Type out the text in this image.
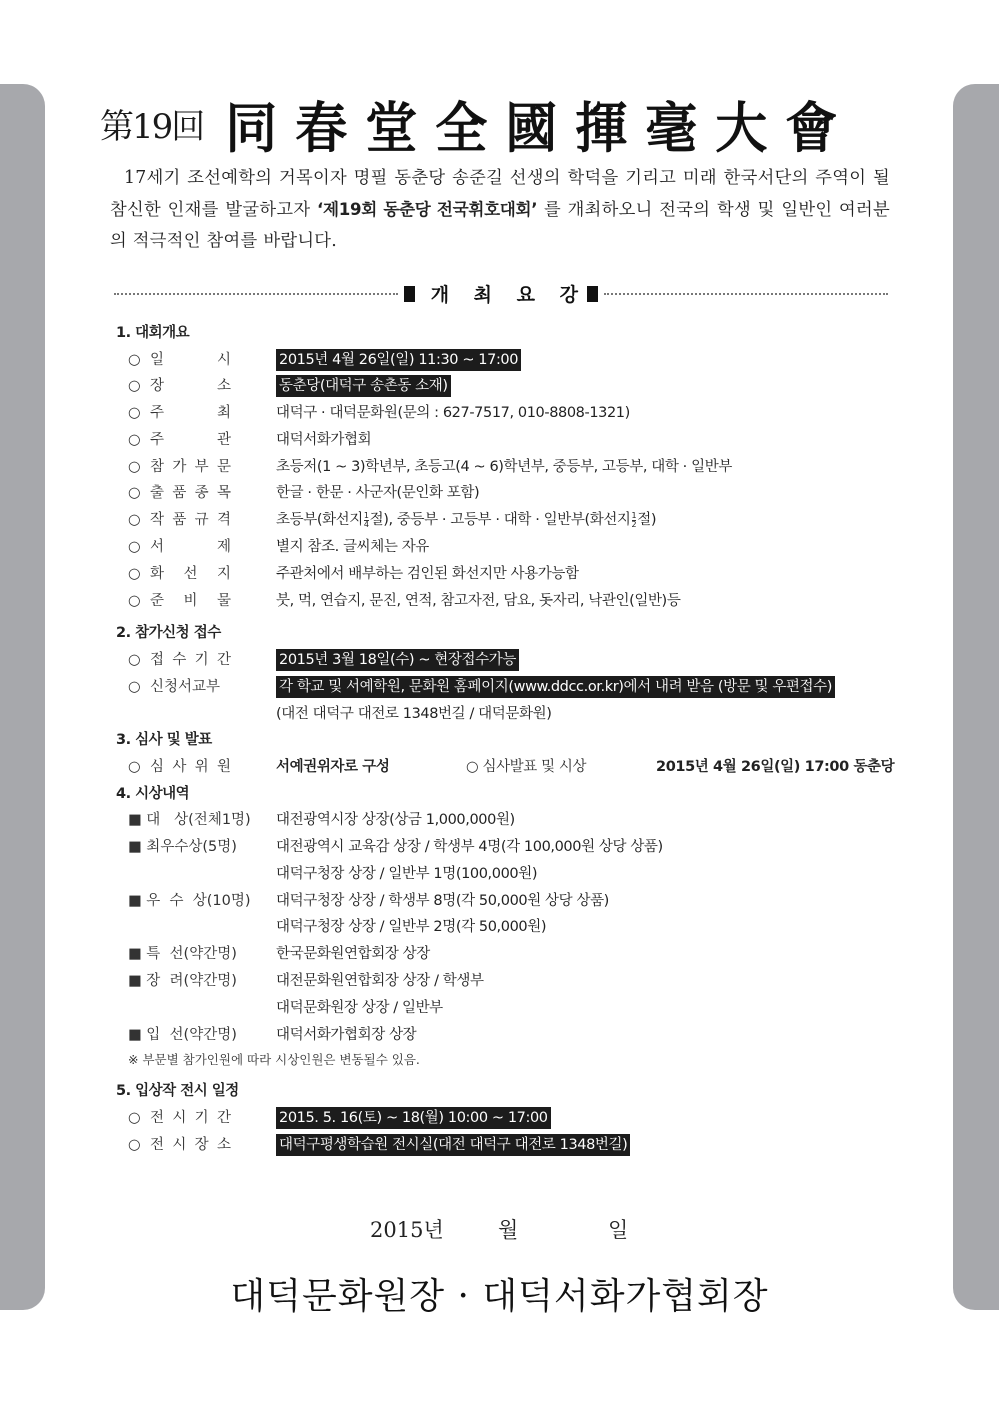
第19回 同春堂全國揮毫大會
17세기 조선예학의 거목이자 명필 동춘당 송준길 선생의 학덕을 기리고 미래 한국서단의 주역이 될 참신한 인재를 발굴하고자 ‘제19회 동춘당 전국휘호대회’ 를 개최하오니 전국의 학생 및 일반인 여러분의 적극적인 참여를 바랍니다.
개 최 요 강
1. 대회개요
○ 일	시	2015년 4월 26일(일) 11:30 ~ 17:00
○ 장	소	동춘당(대덕구 송촌동 소재)
○ 주	최	대덕구 · 대덕문화원(문의 : 627-7517, 010-8808-1321)
○ 주	관	대덕서화가협회
○ 참 가 부 문	초등저(1 ~ 3)학년부, 초등고(4 ~ 6)학년부, 중등부, 고등부, 대학 · 일반부
○ 출 품 종 목	한글 · 한문 · 사군자(문인화 포함)
○ 작 품 규 격	초등부(화선지 $\frac{1}{4}$ 절), 중등부 · 고등부 · 대학 · 일반부(화선지 $\frac{1}{2}$ 절)
○ 서	제	별지 참조. 글씨체는 자유
○ 화 선 지	주관처에서 배부하는 검인된 화선지만 사용가능함
○ 준 비 물	붓, 먹, 연습지, 문진, 연적, 참고자전, 담요, 돗자리, 낙관인(일반)등
2. 참가신청 접수
○ 접 수 기 간	2015년 3월 18일(수) ~ 현장접수가능
○ 신청서교부	각 학교 및 서예학원, 문화원 홈페이지(www.ddcc.or.kr)에서 내려 받음 (방문 및 우편접수)
(대전 대덕구 대전로 1348번길 / 대덕문화원)
3. 심사 및 발표
○ 심 사 위 원	서예권위자로 구성	○ 심사발표 및 시상	2015년 4월 26일(일) 17:00 동춘당
4. 시상내역
■ 대   상(전체1명)	대전광역시장 상장(상금 1,000,000원)
■ 최우수상(5명)	대전광역시 교육감 상장 / 학생부 4명(각 100,000원 상당 상품)
대덕구청장 상장 / 일반부 1명(100,000원)
■ 우  수  상(10명)	대덕구청장 상장 / 학생부 8명(각 50,000원 상당 상품)
대덕구청장 상장 / 일반부 2명(각 50,000원)
■ 특  선(약간명)	한국문화원연합회장 상장
■ 장  려(약간명)	대전문화원연합회장 상장 / 학생부
대덕문화원장 상장 / 일반부
■ 입  선(약간명)	대덕서화가협회장 상장
※ 부문별 참가인원에 따라 시상인원은 변동될수 있음.
5. 입상작 전시 일정
○ 전 시 기 간	2015. 5. 16(토) ~ 18(월) 10:00 ~ 17:00
○ 전 시 장 소	대덕구평생학습원 전시실(대전 대덕구 대전로 1348번길)
2015년	월	일
대덕문화원장 · 대덕서화가협회장
